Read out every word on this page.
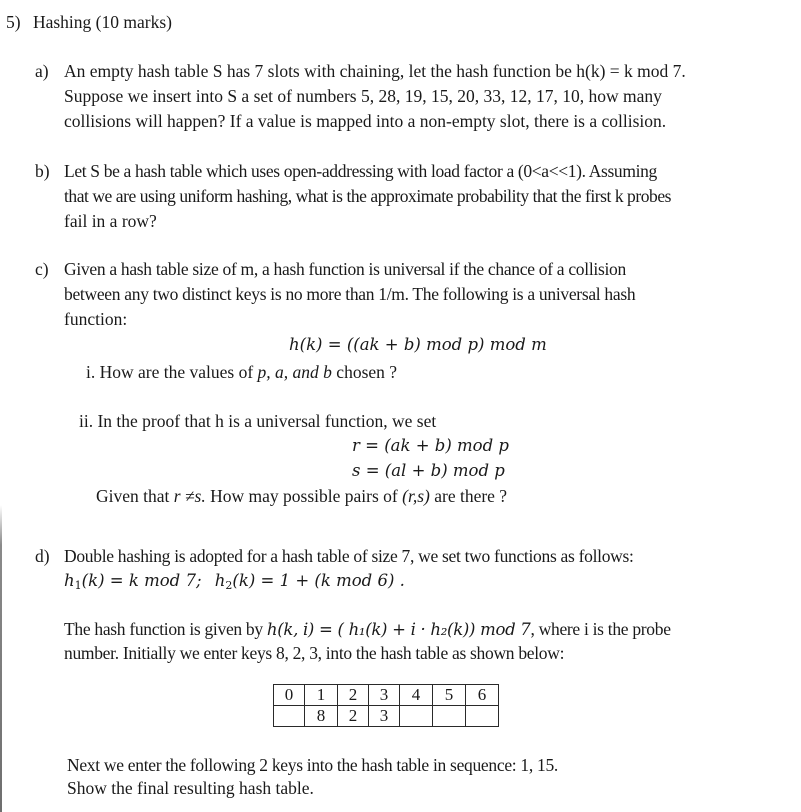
5) Hashing (10 marks)
a) An empty hash table S has 7 slots with chaining, let the hash function be h(k) = k mod 7.
Suppose we insert into S a set of numbers 5, 28, 19, 15, 20, 33, 12, 17, 10, how many
collisions will happen? If a value is mapped into a non-empty slot, there is a collision.
b) Let S be a hash table which uses open-addressing with load factor a (0<a<<1). Assuming
that we are using uniform hashing, what is the approximate probability that the first k probes
fail in a row?
c) Given a hash table size of m, a hash function is universal if the chance of a collision
between any two distinct keys is no more than 1/m. The following is a universal hash
function:
h(k) = ((ak + b) mod p) mod m
i. How are the values of p, a, and b chosen ?
ii. In the proof that h is a universal function, we set
r = (ak + b) mod p
s = (al + b) mod p
Given that r ≠s. How may possible pairs of (r,s) are there ?
d) Double hashing is adopted for a hash table of size 7, we set two functions as follows:
$h_1(k) = k$ mod 7; $h_2(k) = 1 + (k$ mod 6) .
The hash function is given by h(k, i) = ( h₁(k) + i · h₂(k)) mod 7, where i is the probe
number. Initially we enter keys 8, 2, 3, into the hash table as shown below:
0	1	2	3	4	5	6
	8	2	3			
Next we enter the following 2 keys into the hash table in sequence: 1, 15.
Show the final resulting hash table.
